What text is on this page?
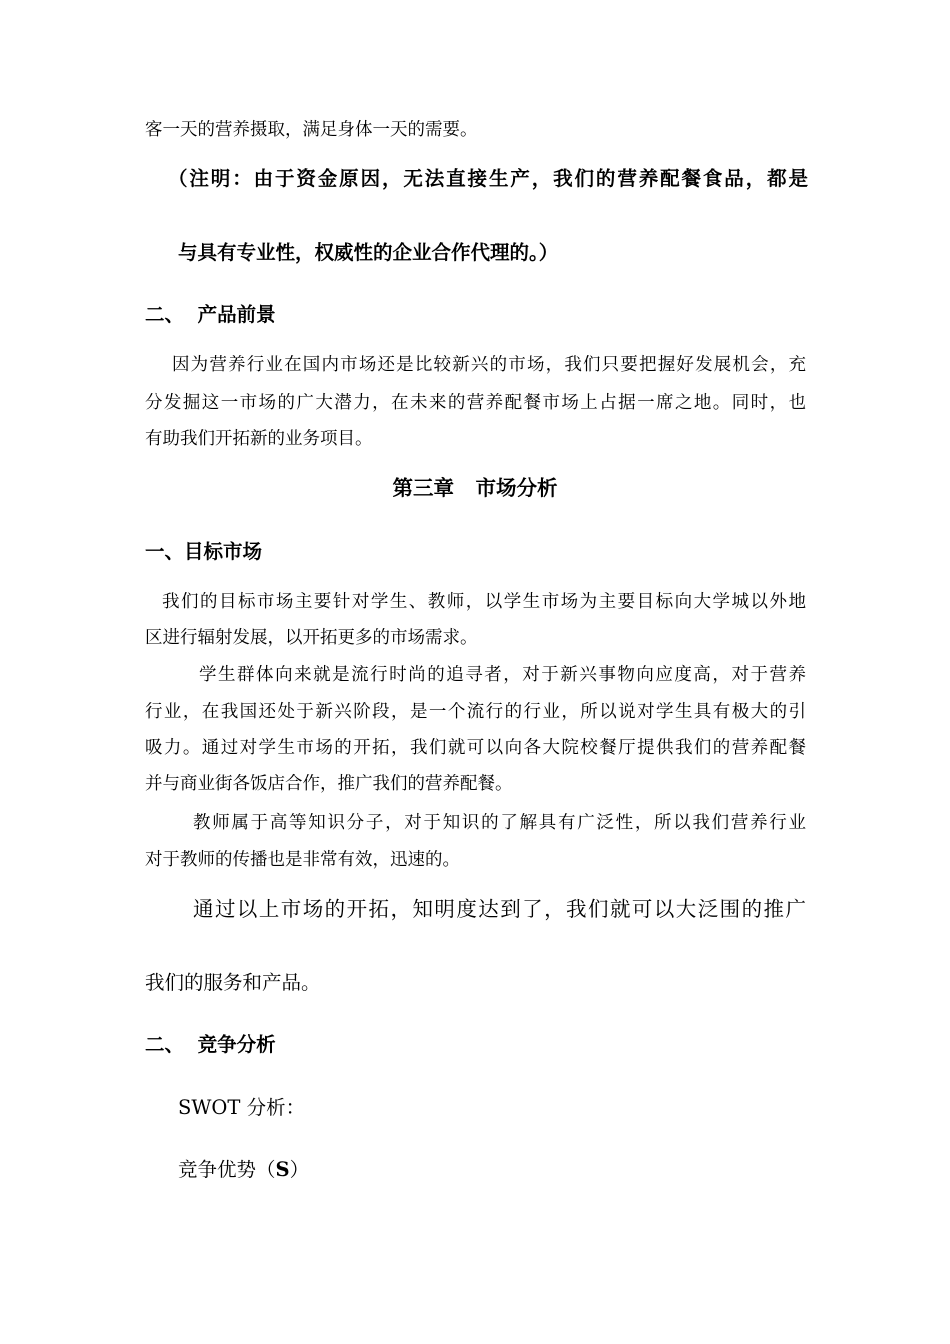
客一天的营养摄取，满足身体一天的需要。
（注明：由于资金原因，无法直接生产，我们的营养配餐食品，都是
与具有专业性，权威性的企业合作代理的。）
二、  产品前景
因为营养行业在国内市场还是比较新兴的市场，我们只要把握好发展机会，充
分发掘这一市场的广大潜力，在未来的营养配餐市场上占据一席之地。同时，也
有助我们开拓新的业务项目。
第三章   市场分析
一、目标市场
我们的目标市场主要针对学生、教师，以学生市场为主要目标向大学城以外地
区进行辐射发展，以开拓更多的市场需求。
学生群体向来就是流行时尚的追寻者，对于新兴事物向应度高，对于营养
行业，在我国还处于新兴阶段，是一个流行的行业，所以说对学生具有极大的引
吸力。通过对学生市场的开拓，我们就可以向各大院校餐厅提供我们的营养配餐
并与商业街各饭店合作，推广我们的营养配餐。
教师属于高等知识分子，对于知识的了解具有广泛性，所以我们营养行业
对于教师的传播也是非常有效，迅速的。
通过以上市场的开拓，知明度达到了，我们就可以大泛围的推广
我们的服务和产品。
二、  竞争分析
SWOT 分析：
竞争优势（S）
